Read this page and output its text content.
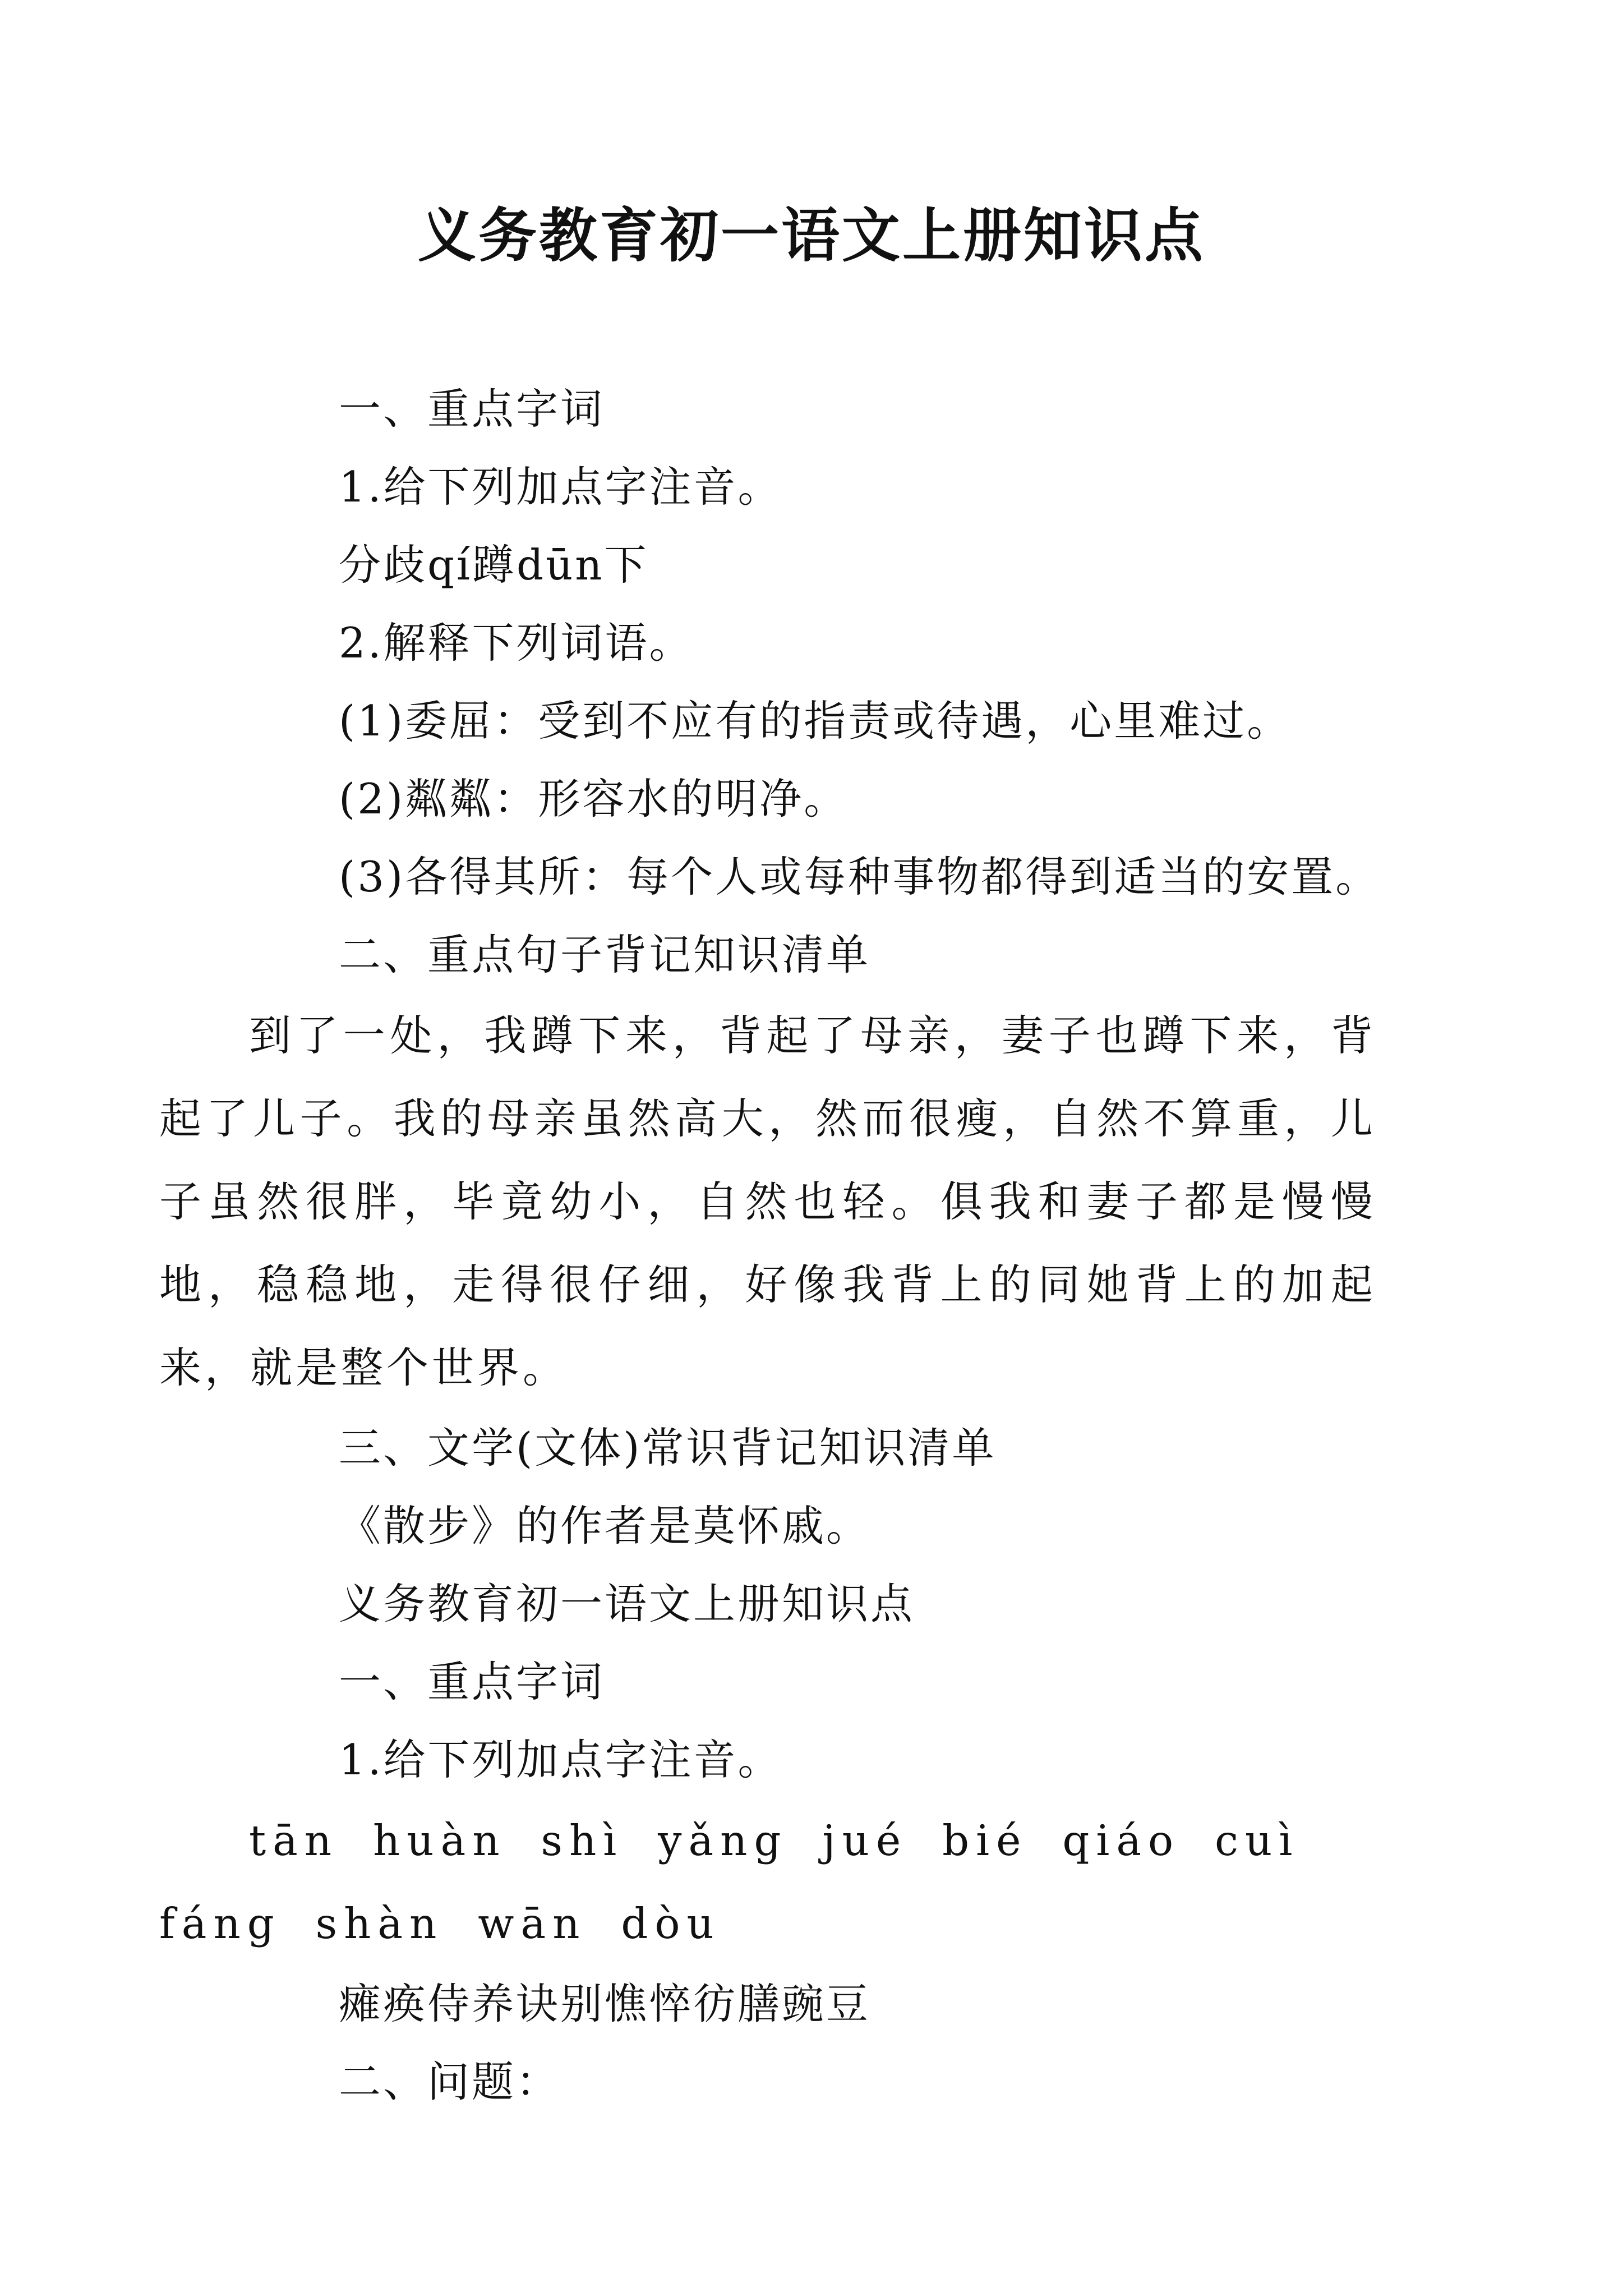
义务教育初一语文上册知识点
一、重点字词
1.给下列加点字注音。
分歧qí蹲dūn下
2.解释下列词语。
(1)委屈：受到不应有的指责或待遇，心里难过。
(2)粼粼：形容水的明净。
(3)各得其所：每个人或每种事物都得到适当的安置。
二、重点句子背记知识清单
到了一处，我蹲下来，背起了母亲，妻子也蹲下来，背起了儿子。我的母亲虽然高大，然而很瘦，自然不算重，儿子虽然很胖，毕竟幼小，自然也轻。俱我和妻子都是慢慢地，稳稳地，走得很仔细，好像我背上的同她背上的加起来，就是整个世界。
三、文学(文体)常识背记知识清单
《散步》的作者是莫怀戚。
义务教育初一语文上册知识点
一、重点字词
1.给下列加点字注音。
tān huàn shì yǎng jué bié qiáo cuì fáng shàn wān dòu
瘫痪侍养诀别憔悴彷膳豌豆
二、问题：
